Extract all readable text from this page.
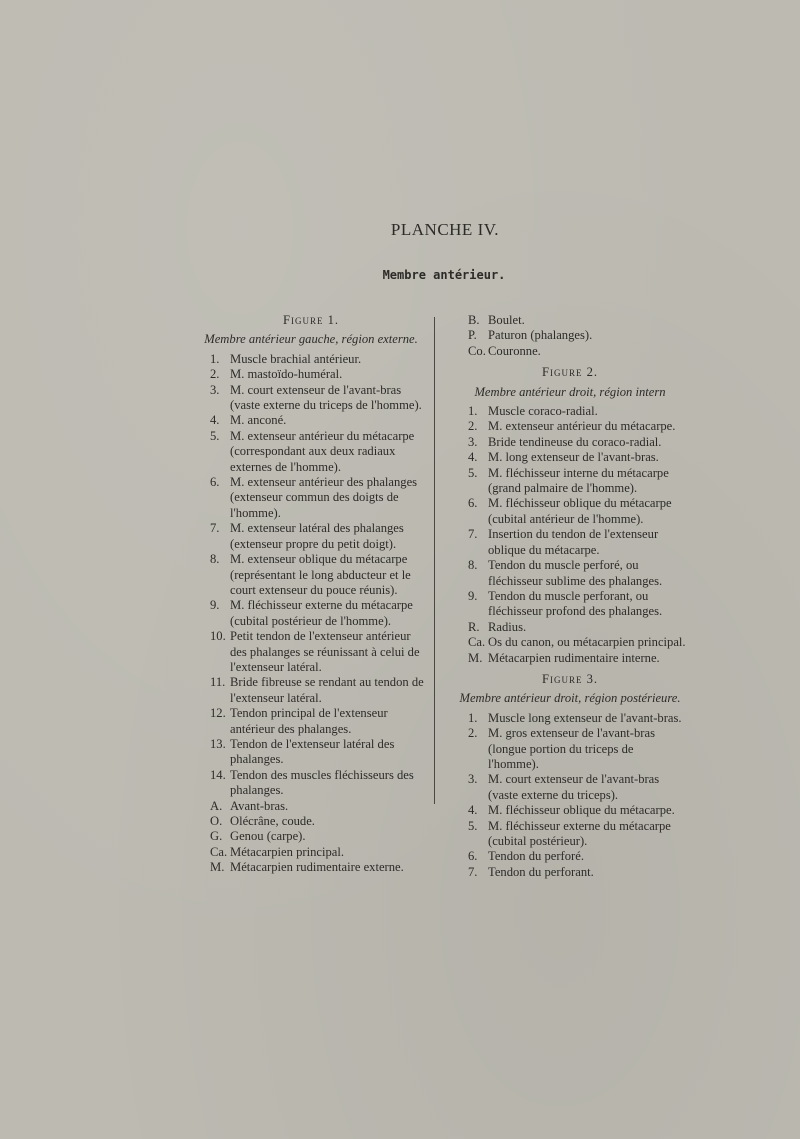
PLANCHE IV.
Membre antérieur.

Figure 1.

Membre antérieur gauche, région externe.

1. Muscle brachial antérieur.

2. M. mastoïdo-huméral.

3. M. court extenseur de l'avant-bras (vaste externe du triceps de l'homme).

4. M. anconé.

5. M. extenseur antérieur du métacarpe (correspondant aux deux radiaux externes de l'homme).

6. M. extenseur antérieur des phalanges (extenseur commun des doigts de l'homme).

7. M. extenseur latéral des phalanges (extenseur propre du petit doigt).

8. M. extenseur oblique du métacarpe (représentant le long abducteur et le court extenseur du pouce réunis).

9. M. fléchisseur externe du métacarpe (cubital postérieur de l'homme).

10. Petit tendon de l'extenseur antérieur des phalanges se réunissant à celui de l'extenseur latéral.

11. Bride fibreuse se rendant au tendon de l'extenseur latéral.

12. Tendon principal de l'extenseur antérieur des phalanges.

13. Tendon de l'extenseur latéral des phalanges.

14. Tendon des muscles fléchisseurs des phalanges.

A. Avant-bras.

O. Olécrâne, coude.

G. Genou (carpe).

Ca. Métacarpien principal.

M. Métacarpien rudimentaire externe.

B. Boulet.

P. Paturon (phalanges).

Co. Couronne.

Figure 2.

Membre antérieur droit, région intern

1. Muscle coraco-radial.

2. M. extenseur antérieur du métacarpe.

3. Bride tendineuse du coraco-radial.

4. M. long extenseur de l'avant-bras.

5. M. fléchisseur interne du métacarpe (grand palmaire de l'homme).

6. M. fléchisseur oblique du métacarpe (cubital antérieur de l'homme).

7. Insertion du tendon de l'extenseur oblique du métacarpe.

8. Tendon du muscle perforé, ou fléchisseur sublime des phalanges.

9. Tendon du muscle perforant, ou fléchisseur profond des phalanges.

R. Radius.

Ca. Os du canon, ou métacarpien principal.

M. Métacarpien rudimentaire interne.

Figure 3.

Membre antérieur droit, région postérieure.

1. Muscle long extenseur de l'avant-bras.

2. M. gros extenseur de l'avant-bras (longue portion du triceps de l'homme).

3. M. court extenseur de l'avant-bras (vaste externe du triceps).

4. M. fléchisseur oblique du métacarpe.

5. M. fléchisseur externe du métacarpe (cubital postérieur).

6. Tendon du perforé.

7. Tendon du perforant.
